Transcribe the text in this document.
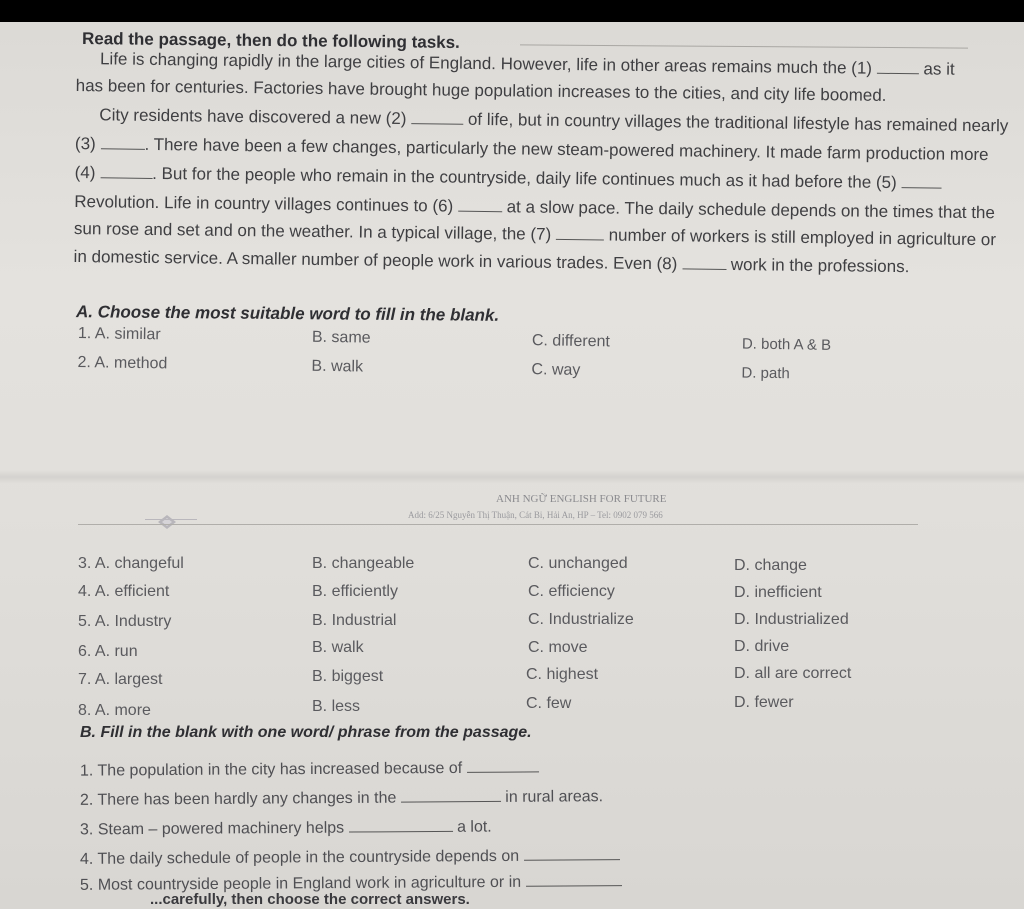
Read the passage, then do the following tasks.
Life is changing rapidly in the large cities of England. However, life in other areas remains much the (1)	as it
has been for centuries. Factories have brought huge population increases to the cities, and city life boomed.
City residents have discovered a new (2)	of life, but in country villages the traditional lifestyle has remained nearly
(3)	. There have been a few changes, particularly the new steam-powered machinery. It made farm production more
(4)	. But for the people who remain in the countryside, daily life continues much as it had before the (5)
Revolution. Life in country villages continues to (6)	at a slow pace. The daily schedule depends on the times that the
sun rose and set and on the weather. In a typical village, the (7)	number of workers is still employed in agriculture or
in domestic service. A smaller number of people work in various trades. Even (8)	work in the professions.
A. Choose the most suitable word to fill in the blank.
1. A. similar	B. same	C. different	D. both A & B
2. A. method	B. walk	C. way	D. path
ANH NGỮ ENGLISH FOR FUTURE
Add: 6/25 Nguyễn Thị Thuận, Cát Bi, Hải An, HP – Tel: 0902 079 566
3. A. changeful	B. changeable	C. unchanged	D. change
4. A. efficient	B. efficiently	C. efficiency	D. inefficient
5. A. Industry	B. Industrial	C. Industrialize	D. Industrialized
6. A. run	B. walk	C. move	D. drive
7. A. largest	B. biggest	C. highest	D. all are correct
8. A. more	B. less	C. few	D. fewer
B. Fill in the blank with one word/ phrase from the passage.
1. The population in the city has increased because of
2. There has been hardly any changes in the	in rural areas.
3. Steam – powered machinery helps	a lot.
4. The daily schedule of people in the countryside depends on
5. Most countryside people in England work in agriculture or in
...carefully, then choose the correct answers.
